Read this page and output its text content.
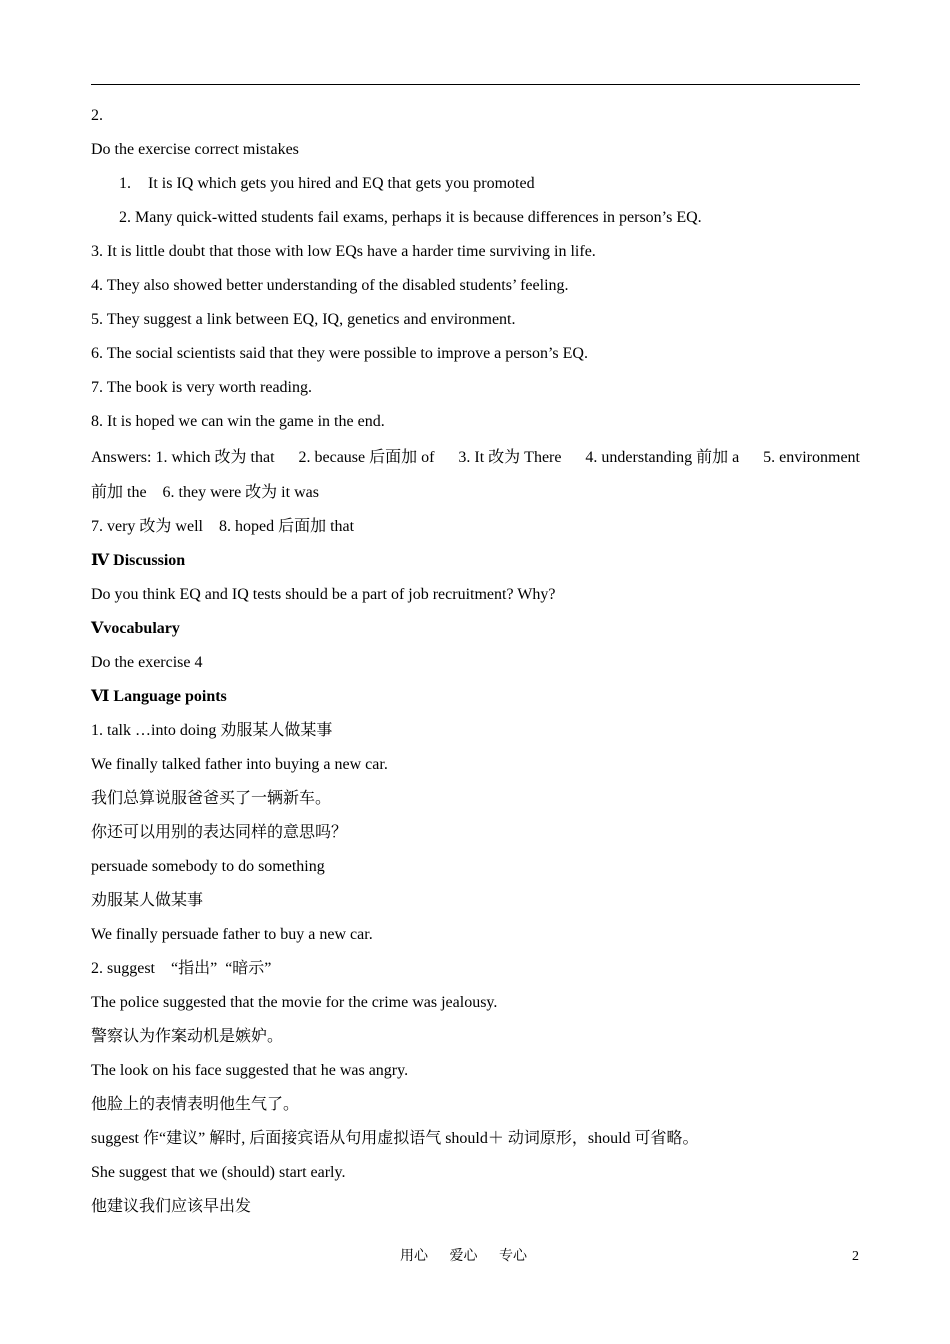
2.
Do the exercise correct mistakes
1. It is IQ which gets you hired and EQ that gets you promoted
2. Many quick-witted students fail exams, perhaps it is because differences in person’s EQ.
3. It is little doubt that those with low EQs have a harder time surviving in life.
4. They also showed better understanding of the disabled students’ feeling.
5. They suggest a link between EQ, IQ, genetics and environment.
6. The social scientists said that they were possible to improve a person’s EQ.
7. The book is very worth reading.
8. It is hoped we can win the game in the end.
Answers: 1. which 改为 that 2. because 后面加 of 3. It 改为 There 4. understanding 前加 a 5. environment
前加 the    6. they were 改为 it was
7. very 改为 well    8. hoped 后面加 that
Ⅳ Discussion
Do you think EQ and IQ tests should be a part of job recruitment? Why?
Ⅴvocabulary
Do the exercise 4
Ⅵ Language points
1. talk …into doing 劝服某人做某事
We finally talked father into buying a new car.
我们总算说服爸爸买了一辆新车。
你还可以用别的表达同样的意思吗？
persuade somebody to do something
劝服某人做某事
We finally persuade father to buy a new car.
2. suggest    “指出”  “暗示”
The police suggested that the movie for the crime was jealousy.
警察认为作案动机是嫉妒。
The look on his face suggested that he was angry.
他脸上的表情表明他生气了。
suggest 作“建议” 解时, 后面接宾语从句用虚拟语气 should＋ 动词原形，should 可省略。
She suggest that we (should) start early.
他建议我们应该早出发
用心 爱心 专心	2
